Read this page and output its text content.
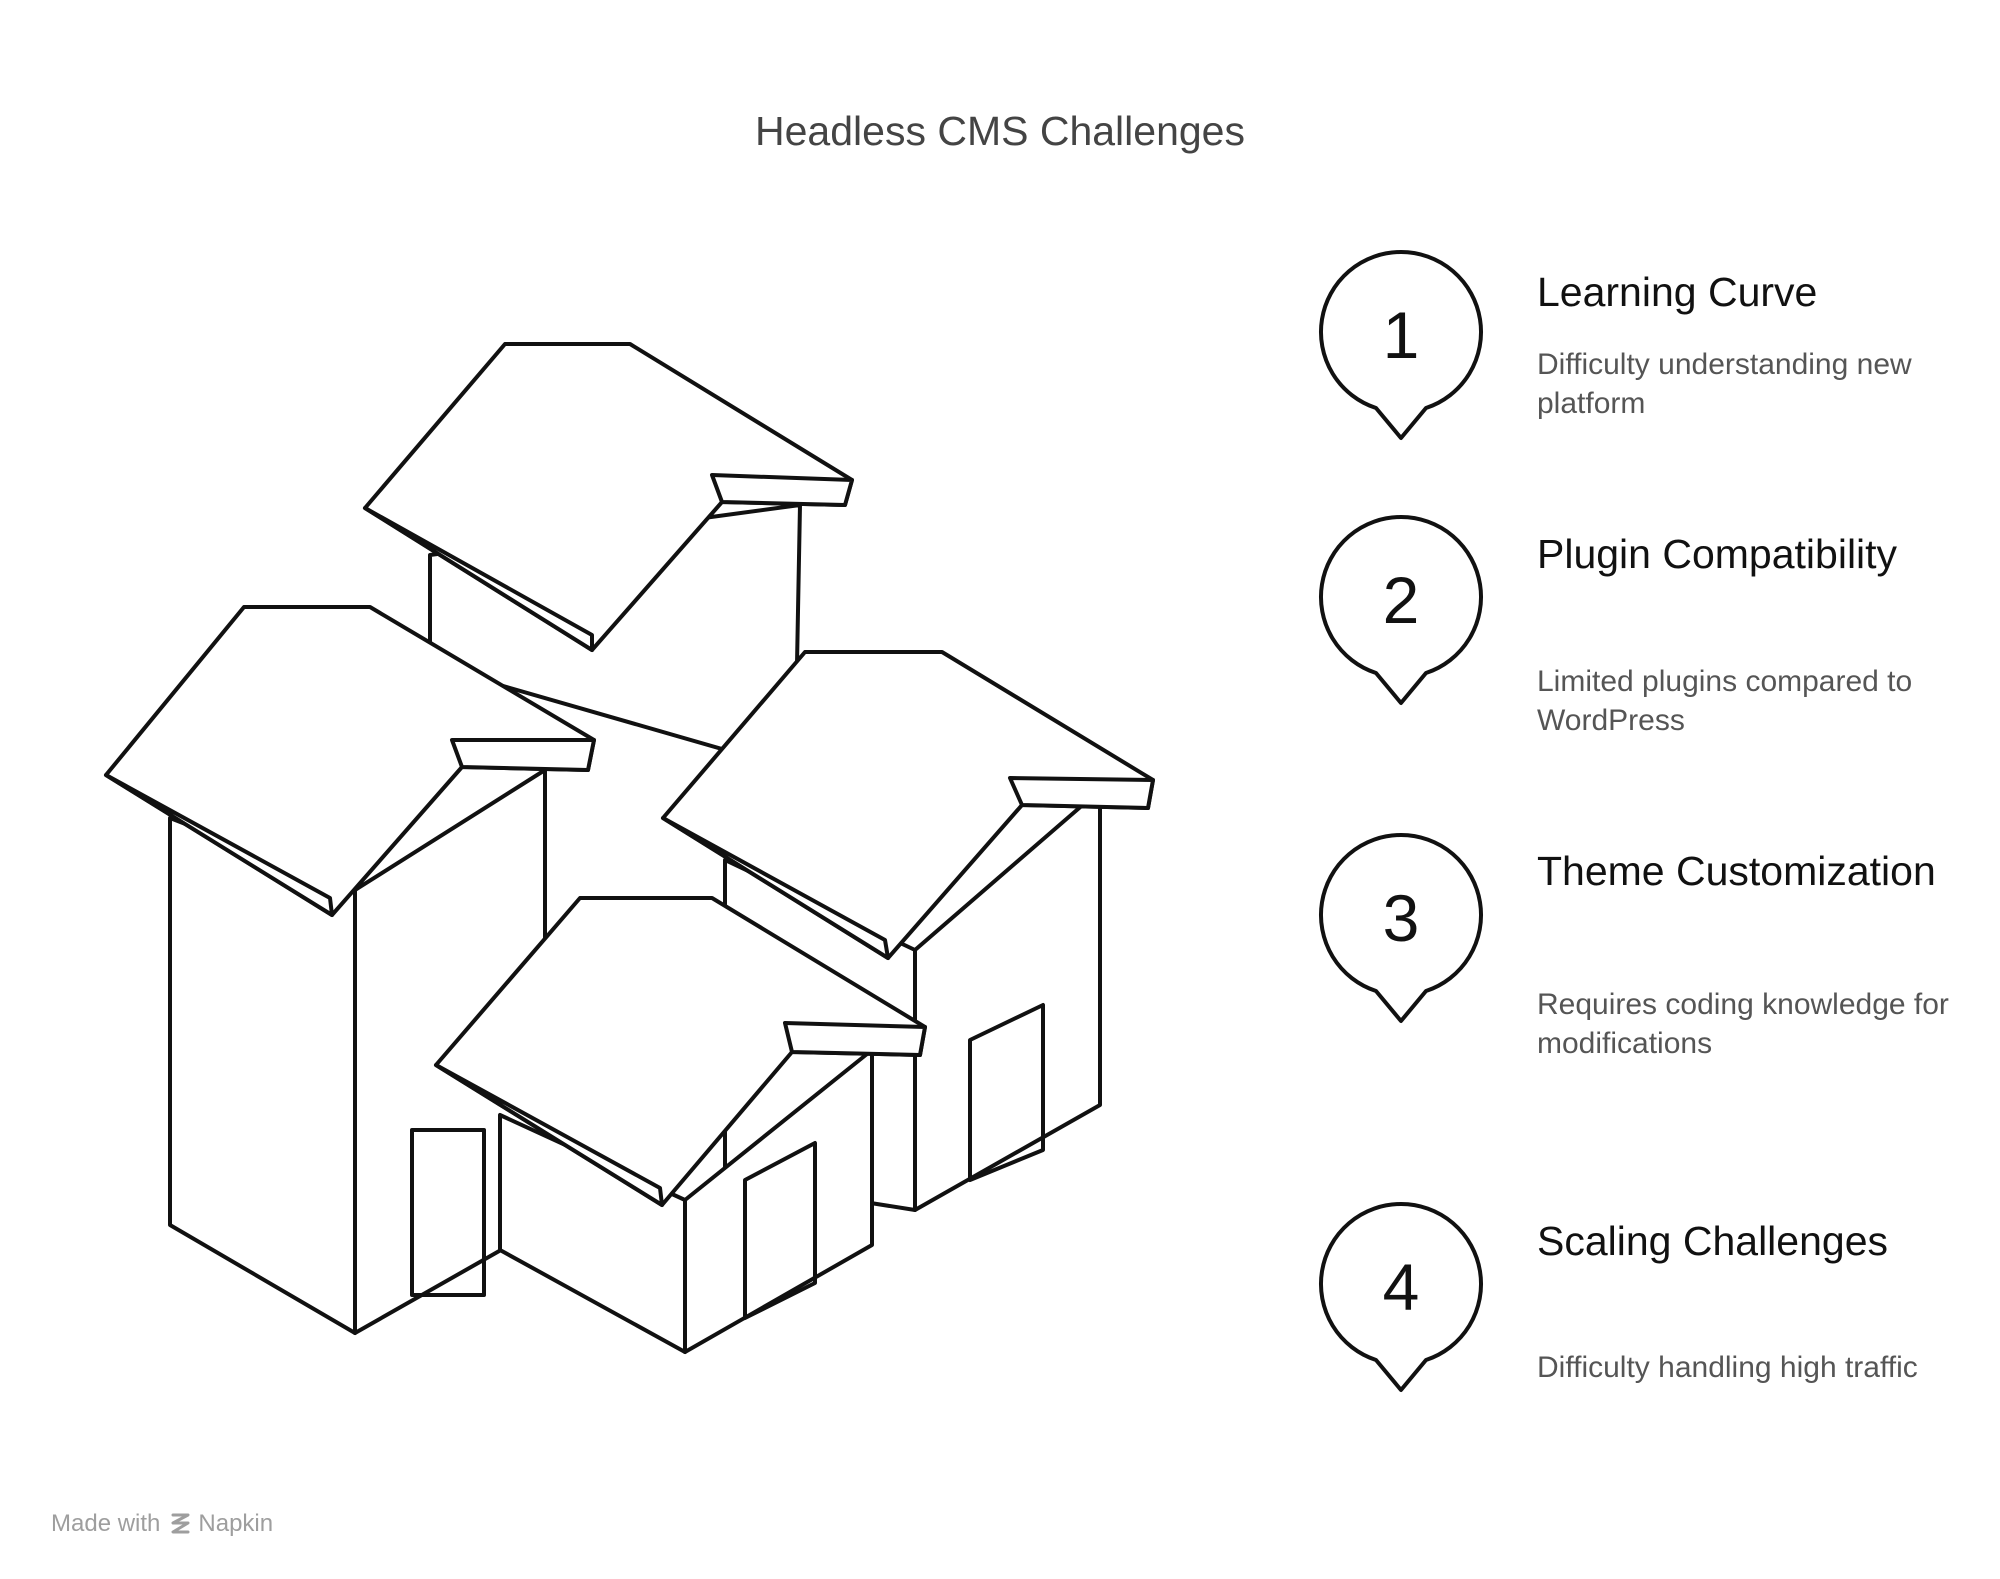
Headless CMS Challenges
1
Learning Curve
Difficulty understanding new platform
2
Plugin Compatibility
Limited plugins compared to WordPress
3
Theme Customization
Requires coding knowledge for modifications
4
Scaling Challenges
Difficulty handling high traffic
Made with Napkin
